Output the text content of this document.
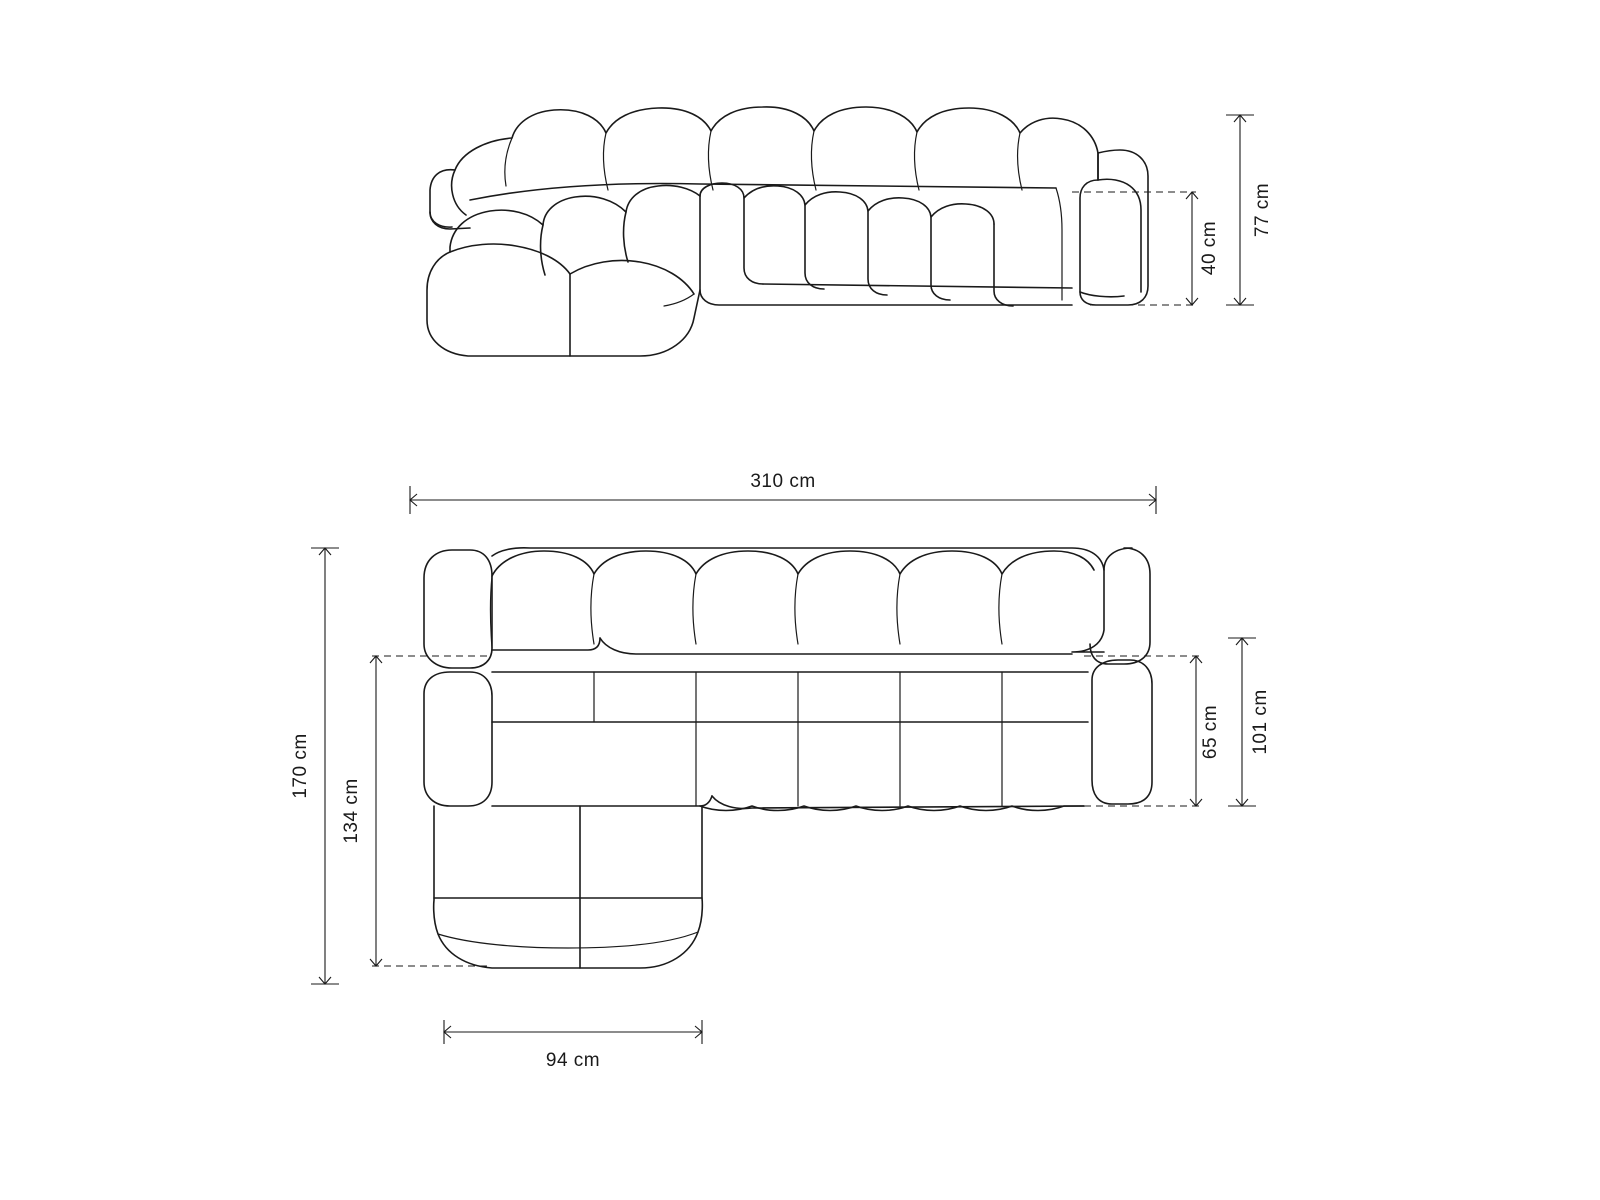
40 cm
77 cm
310 cm
170 cm
134 cm
94 cm
65 cm 101 cm
